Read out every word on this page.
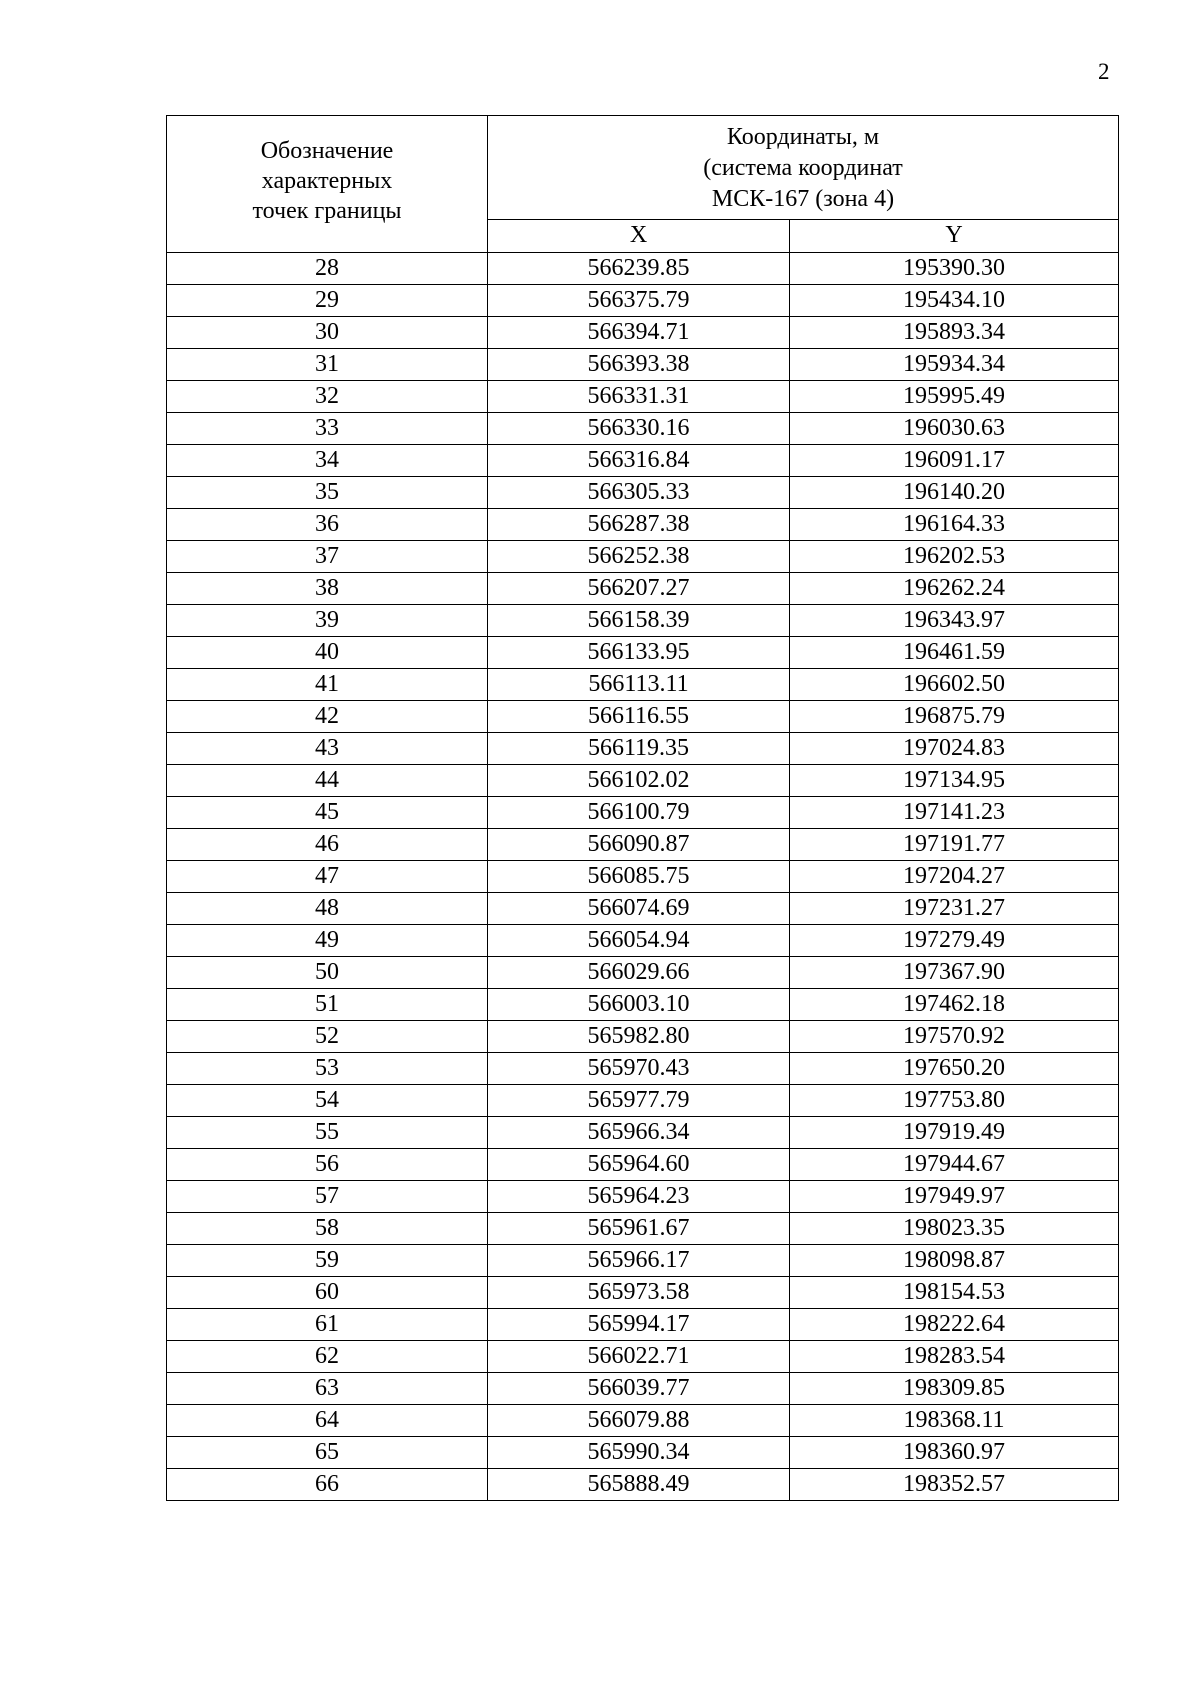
2
Обозначение
характерных
точек границы	Координаты, м
(система координат
МСК-167 (зона 4)	
	X	Y
28	566239.85	195390.30
29	566375.79	195434.10
30	566394.71	195893.34
31	566393.38	195934.34
32	566331.31	195995.49
33	566330.16	196030.63
34	566316.84	196091.17
35	566305.33	196140.20
36	566287.38	196164.33
37	566252.38	196202.53
38	566207.27	196262.24
39	566158.39	196343.97
40	566133.95	196461.59
41	566113.11	196602.50
42	566116.55	196875.79
43	566119.35	197024.83
44	566102.02	197134.95
45	566100.79	197141.23
46	566090.87	197191.77
47	566085.75	197204.27
48	566074.69	197231.27
49	566054.94	197279.49
50	566029.66	197367.90
51	566003.10	197462.18
52	565982.80	197570.92
53	565970.43	197650.20
54	565977.79	197753.80
55	565966.34	197919.49
56	565964.60	197944.67
57	565964.23	197949.97
58	565961.67	198023.35
59	565966.17	198098.87
60	565973.58	198154.53
61	565994.17	198222.64
62	566022.71	198283.54
63	566039.77	198309.85
64	566079.88	198368.11
65	565990.34	198360.97
66	565888.49	198352.57
